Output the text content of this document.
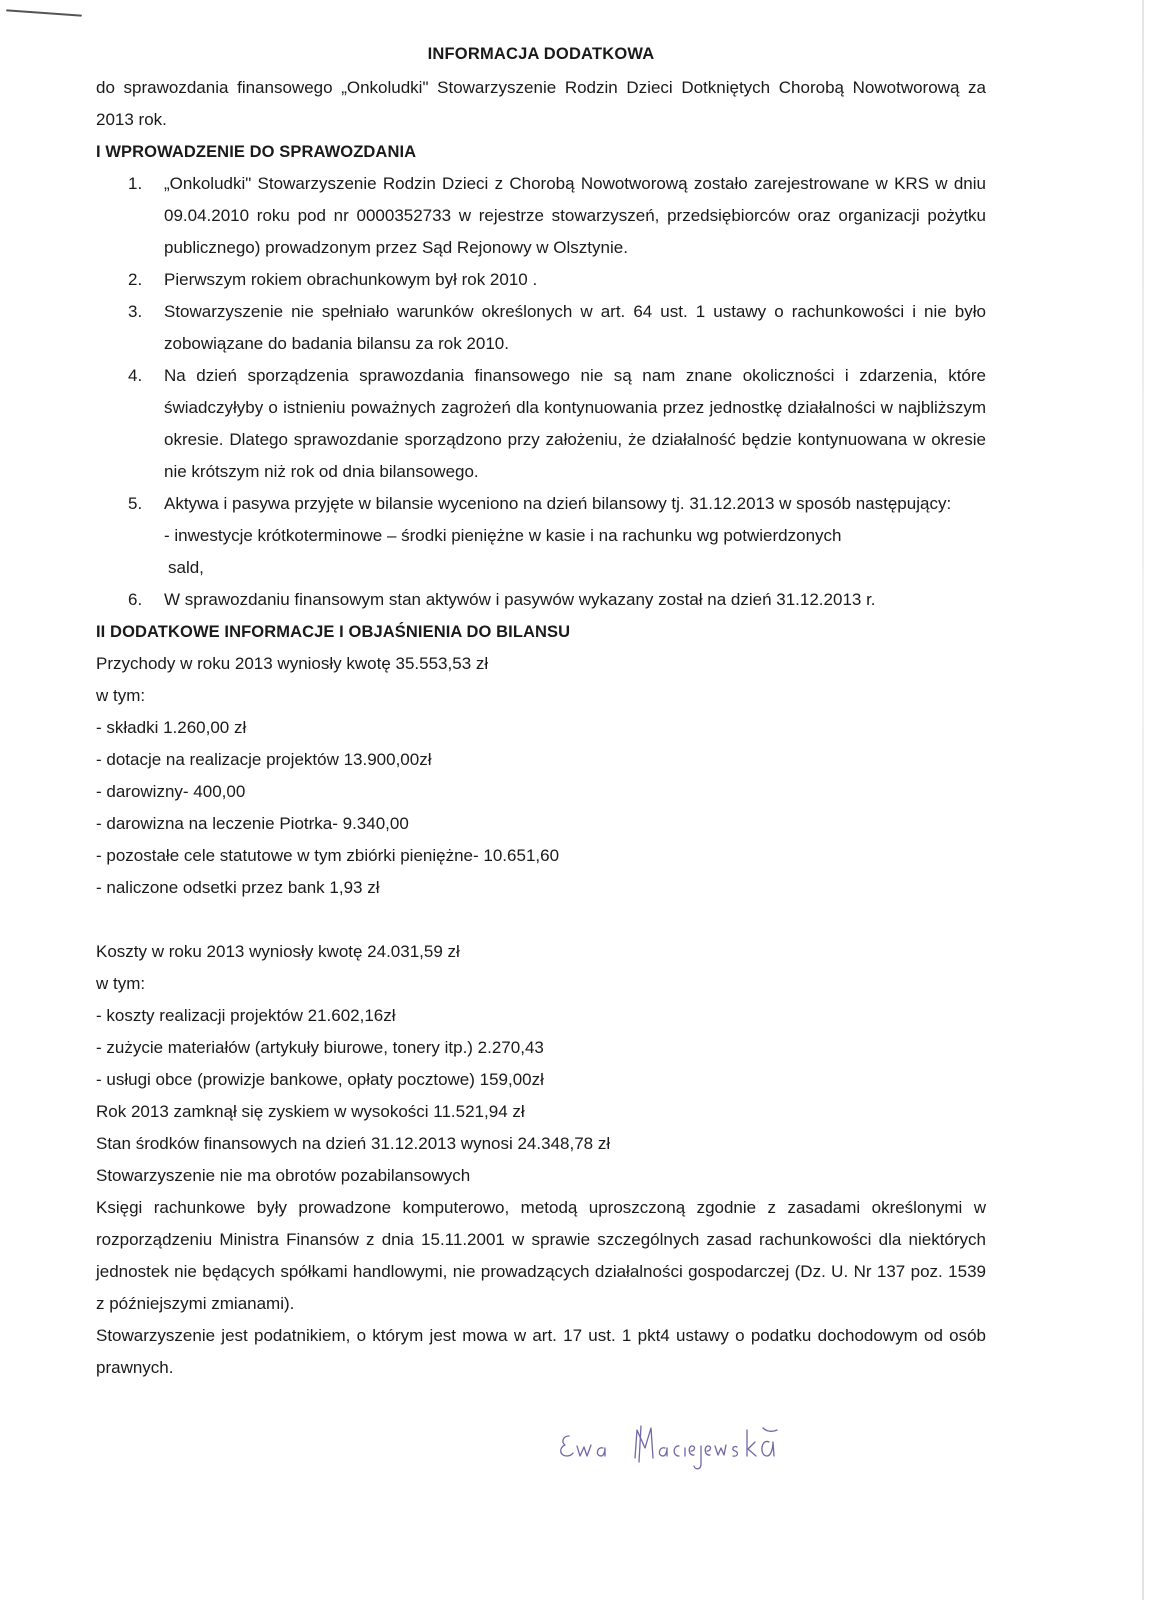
INFORMACJA DODATKOWA

do sprawozdania finansowego „Onkoludki" Stowarzyszenie Rodzin Dzieci Dotkniętych Chorobą Nowotworową za 2013 rok.

I WPROWADZENIE DO SPRAWOZDANIA

1.	„Onkoludki" Stowarzyszenie Rodzin Dzieci z Chorobą Nowotworową zostało zarejestrowane w KRS w dniu 09.04.2010 roku pod nr 0000352733 w rejestrze stowarzyszeń, przedsiębiorców oraz organizacji pożytku publicznego) prowadzonym przez Sąd Rejonowy w Olsztynie.
2.	Pierwszym rokiem obrachunkowym był rok 2010 .
3.	Stowarzyszenie nie spełniało warunków określonych w art. 64 ust. 1 ustawy o rachunkowości i nie było zobowiązane do badania bilansu za rok 2010.
4.	Na dzień sporządzenia sprawozdania finansowego nie są nam znane okoliczności i zdarzenia, które świadczyłyby o istnieniu poważnych zagrożeń dla kontynuowania przez jednostkę działalności w najbliższym okresie. Dlatego sprawozdanie sporządzono przy założeniu, że działalność będzie kontynuowana w okresie nie krótszym niż rok od dnia bilansowego.
5.	Aktywa i pasywa przyjęte w bilansie wyceniono na dzień bilansowy tj. 31.12.2013 w sposób następujący:

- inwestycje krótkoterminowe – środki pieniężne w kasie i na rachunku wg potwierdzonych

sald,

6.	W sprawozdaniu finansowym stan aktywów i pasywów wykazany został na dzień 31.12.2013 r.

II DODATKOWE INFORMACJE I OBJAŚNIENIA DO BILANSU

Przychody w roku 2013 wyniosły kwotę 35.553,53 zł

w tym:

- składki 1.260,00 zł

- dotacje na realizacje projektów 13.900,00zł

- darowizny- 400,00

- darowizna na leczenie Piotrka- 9.340,00

- pozostałe cele statutowe w tym zbiórki pieniężne- 10.651,60

- naliczone odsetki przez bank 1,93 zł

Koszty w roku 2013 wyniosły kwotę 24.031,59 zł

w tym:

- koszty realizacji projektów 21.602,16zł

- zużycie materiałów (artykuły biurowe, tonery itp.) 2.270,43

- usługi obce (prowizje bankowe, opłaty pocztowe) 159,00zł

Rok 2013 zamknął się zyskiem w wysokości 11.521,94 zł

Stan środków finansowych na dzień 31.12.2013 wynosi 24.348,78 zł

Stowarzyszenie nie ma obrotów pozabilansowych

Księgi rachunkowe były prowadzone komputerowo, metodą uproszczoną zgodnie z zasadami określonymi w rozporządzeniu Ministra Finansów z dnia 15.11.2001 w sprawie szczególnych zasad rachunkowości dla niektórych jednostek nie będących spółkami handlowymi, nie prowadzących działalności gospodarczej (Dz. U. Nr 137 poz. 1539 z późniejszymi zmianami).

Stowarzyszenie jest podatnikiem, o którym jest mowa w art. 17 ust. 1 pkt4 ustawy o podatku dochodowym od osób prawnych.
